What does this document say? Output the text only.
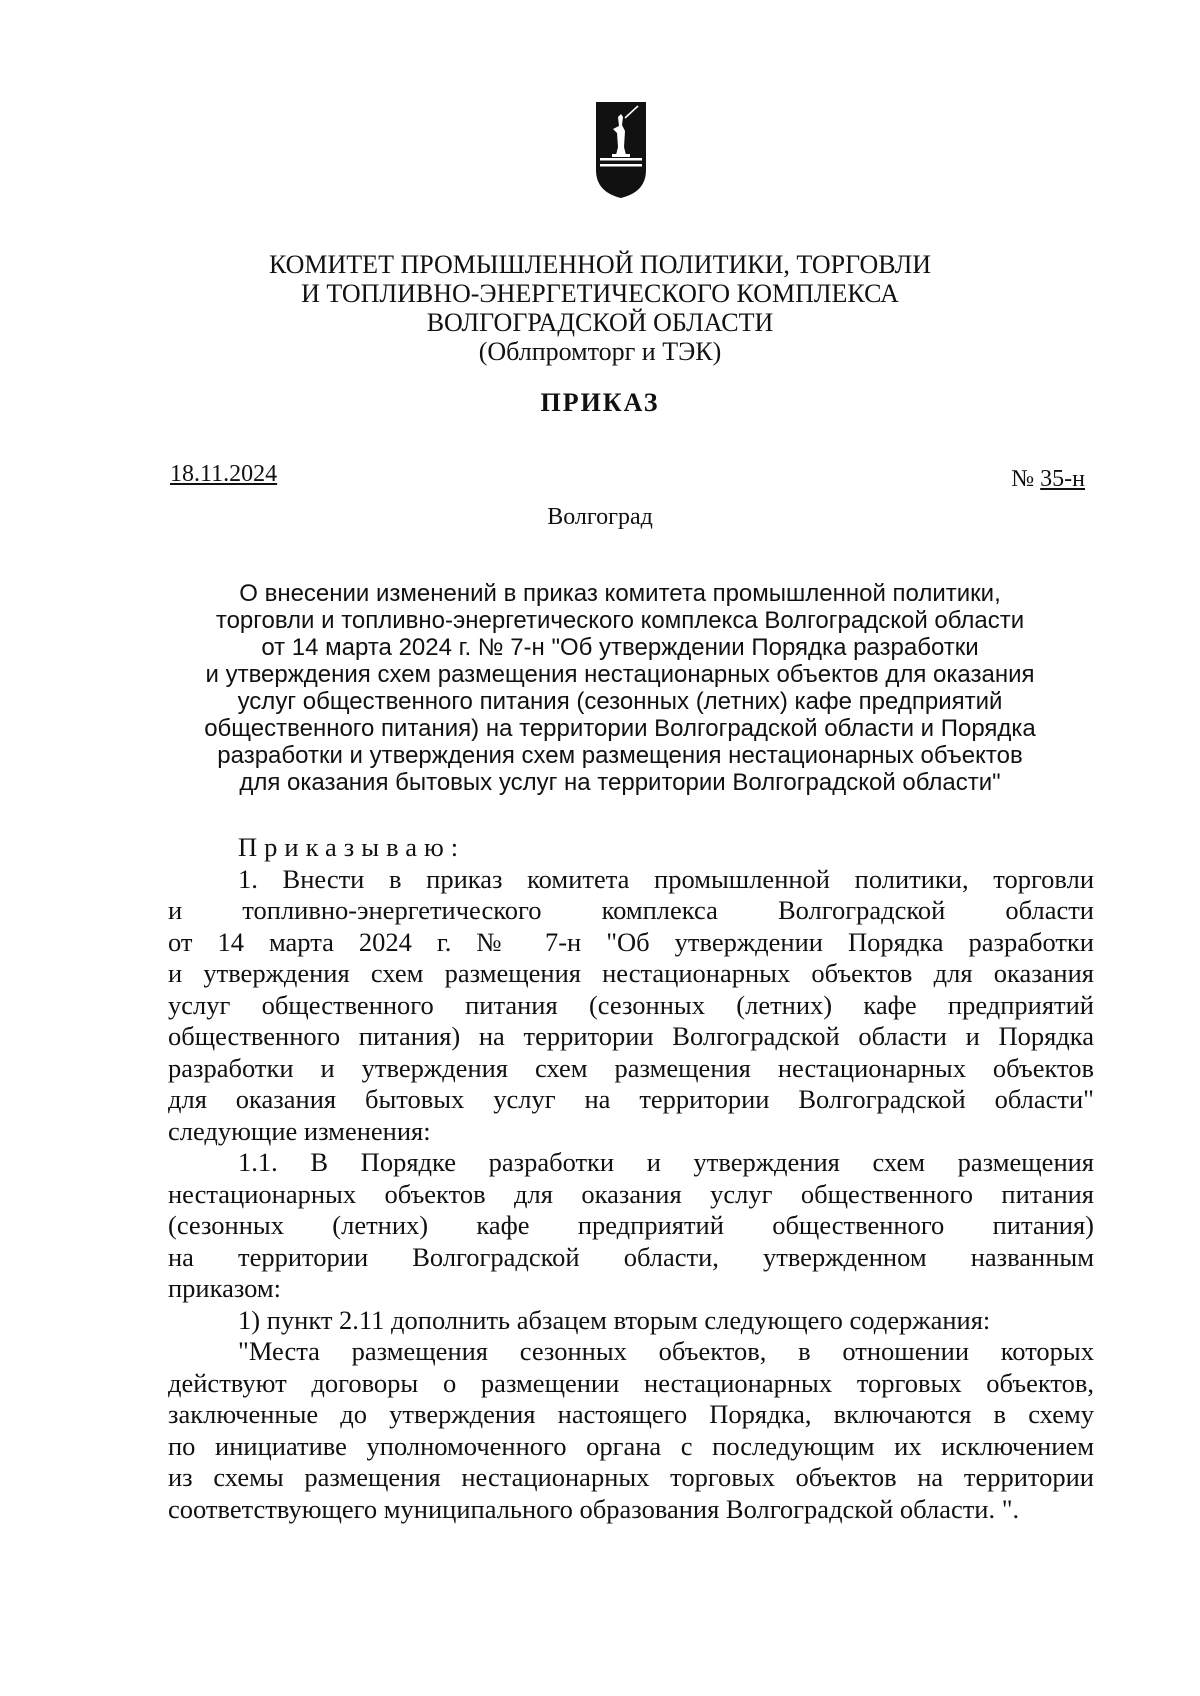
КОМИТЕТ ПРОМЫШЛЕННОЙ ПОЛИТИКИ, ТОРГОВЛИ
И ТОПЛИВНО-ЭНЕРГЕТИЧЕСКОГО КОМПЛЕКСА
ВОЛГОГРАДСКОЙ ОБЛАСТИ
(Облпромторг и ТЭК)
ПРИКАЗ
18.11.2024	№ 35-н
Волгоград
О внесении изменений в приказ комитета промышленной политики,
торговли и топливно-энергетического комплекса Волгоградской области
от 14 марта 2024 г. № 7-н "Об утверждении Порядка разработки
и утверждения схем размещения нестационарных объектов для оказания
услуг общественного питания (сезонных (летних) кафе предприятий
общественного питания) на территории Волгоградской области и Порядка
разработки и утверждения схем размещения нестационарных объектов
для оказания бытовых услуг на территории Волгоградской области"
Приказываю:
1. Внести в приказ комитета промышленной политики, торговли
и топливно-энергетического комплекса Волгоградской области
от 14 марта 2024 г. № 7-н "Об утверждении Порядка разработки
и утверждения схем размещения нестационарных объектов для оказания
услуг общественного питания (сезонных (летних) кафе предприятий
общественного питания) на территории Волгоградской области и Порядка
разработки и утверждения схем размещения нестационарных объектов
для оказания бытовых услуг на территории Волгоградской области"
следующие изменения:
1.1. В Порядке разработки и утверждения схем размещения
нестационарных объектов для оказания услуг общественного питания
(сезонных (летних) кафе предприятий общественного питания)
на территории Волгоградской области, утвержденном названным
приказом:
1) пункт 2.11 дополнить абзацем вторым следующего содержания:
"Места размещения сезонных объектов, в отношении которых
действуют договоры о размещении нестационарных торговых объектов,
заключенные до утверждения настоящего Порядка, включаются в схему
по инициативе уполномоченного органа с последующим их исключением
из схемы размещения нестационарных торговых объектов на территории
соответствующего муниципального образования Волгоградской области. ".
